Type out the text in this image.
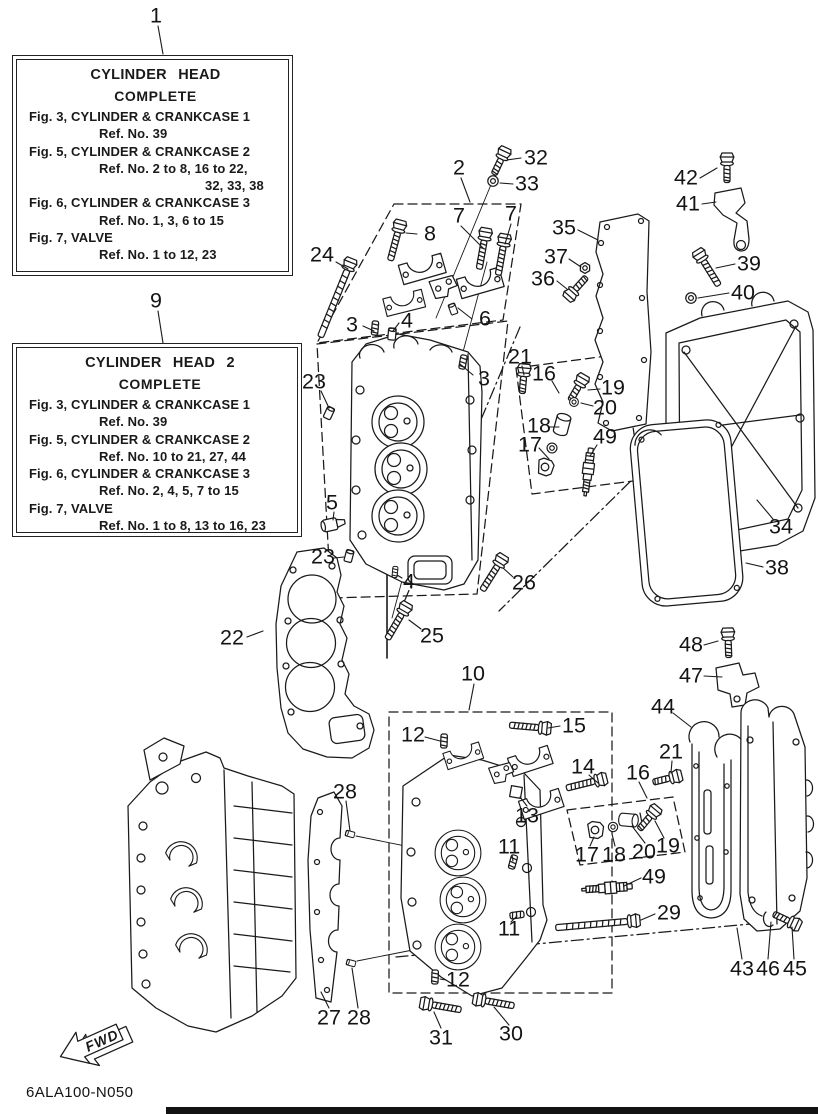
FWD
1
9
2	32
33
7 7
8
24
42
41
35
39
37
36
40
3 4	6
21
16
19
20
18
17 49
23	3
5
23
4
34
38
26
25
22	48
47
10
44
12	15
14
21
16
13
28
11	17 18 20 19
49
29
11
12	43 46 45
27 28
31 30
CYLINDER HEAD
COMPLETE
Fig. 3, CYLINDER & CRANKCASE 1
Ref. No. 39
Fig. 5, CYLINDER & CRANKCASE 2
Ref. No. 2 to 8, 16 to 22,
32, 33, 38
Fig. 6, CYLINDER & CRANKCASE 3
Ref. No. 1, 3, 6 to 15
Fig. 7, VALVE
Ref. No. 1 to 12, 23
CYLINDER HEAD 2
COMPLETE
Fig. 3, CYLINDER & CRANKCASE 1
Ref. No. 39
Fig. 5, CYLINDER & CRANKCASE 2
Ref. No. 10 to 21, 27, 44
Fig. 6, CYLINDER & CRANKCASE 3
Ref. No. 2, 4, 5, 7 to 15
Fig. 7, VALVE
Ref. No. 1 to 8, 13 to 16, 23
6ALA100-N050
